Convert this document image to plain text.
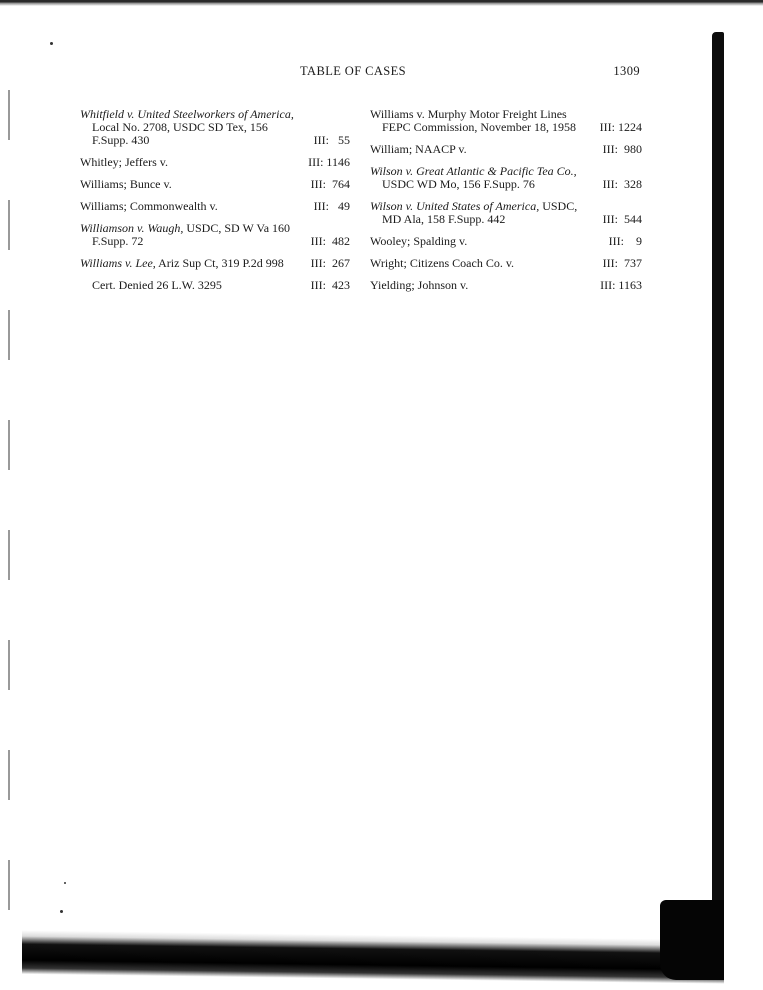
TABLE OF CASES	1309
Whitfield v. United Steelworkers of America, Local No. 2708, USDC SD Tex, 156 F.Supp. 430	III:   55
Whitley; Jeffers v.	III: 1146
Williams; Bunce v.	III:  764
Williams; Commonwealth v.	III:   49
Williamson v. Waugh, USDC, SD W Va 160 F.Supp. 72	III:  482
Williams v. Lee, Ariz Sup Ct, 319 P.2d 998	III:  267
Cert. Denied 26 L.W. 3295	III:  423
Williams v. Murphy Motor Freight Lines FEPC Commission, November 18, 1958	III: 1224
William; NAACP v.	III:  980
Wilson v. Great Atlantic & Pacific Tea Co., USDC WD Mo, 156 F.Supp. 76	III:  328
Wilson v. United States of America, USDC, MD Ala, 158 F.Supp. 442	III:  544
Wooley; Spalding v.	III:    9
Wright; Citizens Coach Co. v.	III:  737
Yielding; Johnson v.	III: 1163
